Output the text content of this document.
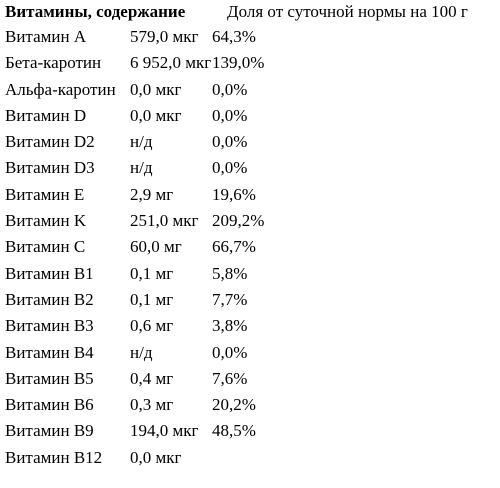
Витамины, содержание Доля от суточной нормы на 100 г
Витамин А	579,0 мкг 64,3%
Бета-каротин 6 952,0 мкг 139,0%
Альфа-каротин 0,0 мкг 0,0%
Витамин D	0,0 мкг 0,0%
Витамин D2 н/д	0,0%
Витамин D3 н/д	0,0%
Витамин E	2,9 мг 19,6%
Витамин K	251,0 мкг 209,2%
Витамин C	60,0 мг 66,7%
Витамин B1 0,1 мг 5,8%
Витамин B2 0,1 мг 7,7%
Витамин B3 0,6 мг 3,8%
Витамин B4 н/д	0,0%
Витамин B5 0,4 мг 7,6%
Витамин B6 0,3 мг 20,2%
Витамин B9 194,0 мкг 48,5%
Витамин B12 0,0 мкг
